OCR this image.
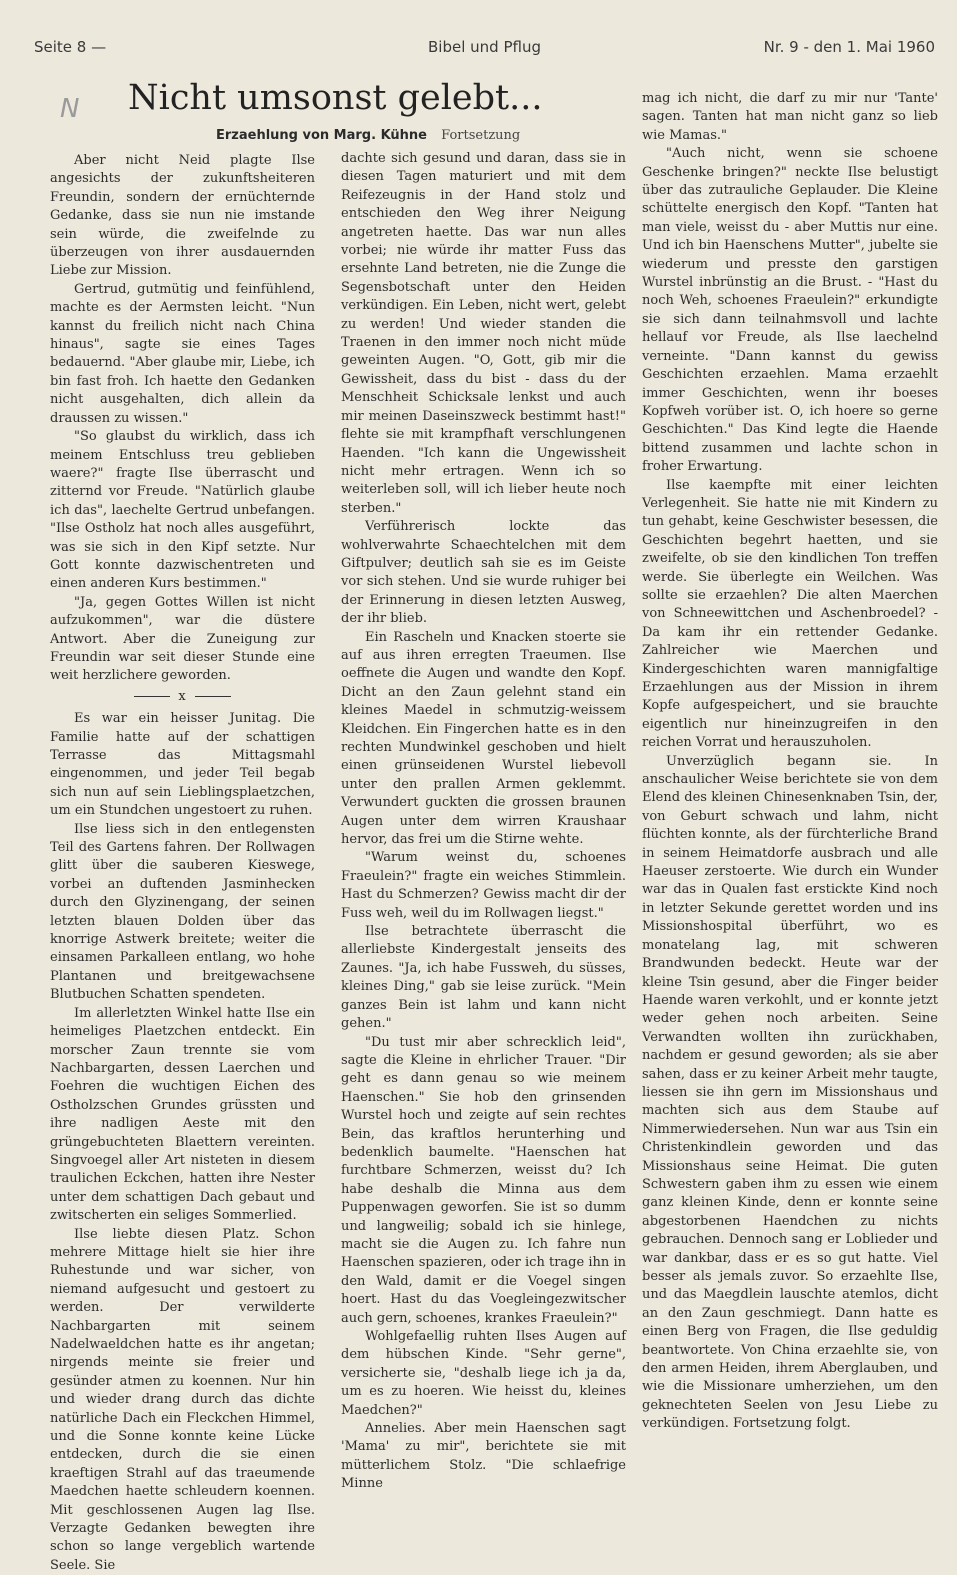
Seite 8 —	Bibel und Pflug	Nr. 9 - den 1. Mai 1960
N Nicht umsonst gelebt...
Erzaehlung von Marg. Kühne Fortsetzung

Aber nicht Neid plagte Ilse angesichts der zukunftsheiteren Freundin, sondern der ernüchternde Gedanke, dass sie nun nie imstande sein würde, die zweifelnde zu überzeugen von ihrer ausdauernden Liebe zur Mission.

Gertrud, gutmütig und feinfühlend, machte es der Aermsten leicht. "Nun kannst du freilich nicht nach China hinaus", sagte sie eines Tages bedauernd. "Aber glaube mir, Liebe, ich bin fast froh. Ich haette den Gedanken nicht ausgehalten, dich allein da draussen zu wissen."

"So glaubst du wirklich, dass ich meinem Entschluss treu geblieben waere?" fragte Ilse überrascht und zitternd vor Freude. "Natürlich glaube ich das", laechelte Gertrud unbefangen. "Ilse Ostholz hat noch alles ausgeführt, was sie sich in den Kipf setzte. Nur Gott konnte dazwischentreten und einen anderen Kurs bestimmen."

"Ja, gegen Gottes Willen ist nicht aufzukommen", war die düstere Antwort. Aber die Zuneigung zur Freundin war seit dieser Stunde eine weit herzlichere geworden.

x

Es war ein heisser Junitag. Die Familie hatte auf der schattigen Terrasse das Mittagsmahl eingenommen, und jeder Teil begab sich nun auf sein Lieblingsplaetzchen, um ein Stundchen ungestoert zu ruhen.

Ilse liess sich in den entlegensten Teil des Gartens fahren. Der Rollwagen glitt über die sauberen Kieswege, vorbei an duftenden Jasminhecken durch den Glyzinengang, der seinen letzten blauen Dolden über das knorrige Astwerk breitete; weiter die einsamen Parkalleen entlang, wo hohe Plantanen und breitgewachsene Blutbuchen Schatten spendeten.

Im allerletzten Winkel hatte Ilse ein heimeliges Plaetzchen entdeckt. Ein morscher Zaun trennte sie vom Nachbargarten, dessen Laerchen und Foehren die wuchtigen Eichen des Ostholzschen Grundes grüssten und ihre nadligen Aeste mit den grüngebuchteten Blaettern vereinten. Singvoegel aller Art nisteten in diesem traulichen Eckchen, hatten ihre Nester unter dem schattigen Dach gebaut und zwitscherten ein seliges Sommerlied.

Ilse liebte diesen Platz. Schon mehrere Mittage hielt sie hier ihre Ruhestunde und war sicher, von niemand aufgesucht und gestoert zu werden. Der verwilderte Nachbargarten mit seinem Nadelwaeldchen hatte es ihr angetan; nirgends meinte sie freier und gesünder atmen zu koennen. Nur hin und wieder drang durch das dichte natürliche Dach ein Fleckchen Himmel, und die Sonne konnte keine Lücke entdecken, durch die sie einen kraeftigen Strahl auf das traeumende Maedchen haette schleudern koennen. Mit geschlossenen Augen lag Ilse. Verzagte Gedanken bewegten ihre schon so lange vergeblich wartende Seele. Sie

dachte sich gesund und daran, dass sie in diesen Tagen maturiert und mit dem Reifezeugnis in der Hand stolz und entschieden den Weg ihrer Neigung angetreten haette. Das war nun alles vorbei; nie würde ihr matter Fuss das ersehnte Land betreten, nie die Zunge die Segensbotschaft unter den Heiden verkündigen. Ein Leben, nicht wert, gelebt zu werden! Und wieder standen die Traenen in den immer noch nicht müde geweinten Augen. "O, Gott, gib mir die Gewissheit, dass du bist - dass du der Menschheit Schicksale lenkst und auch mir meinen Daseinszweck bestimmt hast!" flehte sie mit krampfhaft verschlungenen Haenden. "Ich kann die Ungewissheit nicht mehr ertragen. Wenn ich so weiterleben soll, will ich lieber heute noch sterben."

Verführerisch lockte das wohlverwahrte Schaechtelchen mit dem Giftpulver; deutlich sah sie es im Geiste vor sich stehen. Und sie wurde ruhiger bei der Erinnerung in diesen letzten Ausweg, der ihr blieb.

Ein Rascheln und Knacken stoerte sie auf aus ihren erregten Traeumen. Ilse oeffnete die Augen und wandte den Kopf. Dicht an den Zaun gelehnt stand ein kleines Maedel in schmutzig-weissem Kleidchen. Ein Fingerchen hatte es in den rechten Mundwinkel geschoben und hielt einen grünseidenen Wurstel liebevoll unter den prallen Armen geklemmt. Verwundert guckten die grossen braunen Augen unter dem wirren Kraushaar hervor, das frei um die Stirne wehte.

"Warum weinst du, schoenes Fraeulein?" fragte ein weiches Stimmlein. Hast du Schmerzen? Gewiss macht dir der Fuss weh, weil du im Rollwagen liegst."

Ilse betrachtete überrascht die allerliebste Kindergestalt jenseits des Zaunes. "Ja, ich habe Fussweh, du süsses, kleines Ding," gab sie leise zurück. "Mein ganzes Bein ist lahm und kann nicht gehen."

"Du tust mir aber schrecklich leid", sagte die Kleine in ehrlicher Trauer. "Dir geht es dann genau so wie meinem Haenschen." Sie hob den grinsenden Wurstel hoch und zeigte auf sein rechtes Bein, das kraftlos herunterhing und bedenklich baumelte. "Haenschen hat furchtbare Schmerzen, weisst du? Ich habe deshalb die Minna aus dem Puppenwagen geworfen. Sie ist so dumm und langweilig; sobald ich sie hinlege, macht sie die Augen zu. Ich fahre nun Haenschen spazieren, oder ich trage ihn in den Wald, damit er die Voegel singen hoert. Hast du das Voegleingezwitscher auch gern, schoenes, krankes Fraeulein?"

Wohlgefaellig ruhten Ilses Augen auf dem hübschen Kinde. "Sehr gerne", versicherte sie, "deshalb liege ich ja da, um es zu hoeren. Wie heisst du, kleines Maedchen?"

Annelies. Aber mein Haenschen sagt 'Mama' zu mir", berichtete sie mit mütterlichem Stolz. "Die schlaefrige Minne

mag ich nicht, die darf zu mir nur 'Tante' sagen. Tanten hat man nicht ganz so lieb wie Mamas."

"Auch nicht, wenn sie schoene Geschenke bringen?" neckte Ilse belustigt über das zutrauliche Geplauder. Die Kleine schüttelte energisch den Kopf. "Tanten hat man viele, weisst du - aber Muttis nur eine. Und ich bin Haenschens Mutter", jubelte sie wiederum und presste den garstigen Wurstel inbrünstig an die Brust. - "Hast du noch Weh, schoenes Fraeulein?" erkundigte sie sich dann teilnahmsvoll und lachte hellauf vor Freude, als Ilse laechelnd verneinte. "Dann kannst du gewiss Geschichten erzaehlen. Mama erzaehlt immer Geschichten, wenn ihr boeses Kopfweh vorüber ist. O, ich hoere so gerne Geschichten." Das Kind legte die Haende bittend zusammen und lachte schon in froher Erwartung.

Ilse kaempfte mit einer leichten Verlegenheit. Sie hatte nie mit Kindern zu tun gehabt, keine Geschwister besessen, die Geschichten begehrt haetten, und sie zweifelte, ob sie den kindlichen Ton treffen werde. Sie überlegte ein Weilchen. Was sollte sie erzaehlen? Die alten Maerchen von Schneewittchen und Aschenbroedel? - Da kam ihr ein rettender Gedanke. Zahlreicher wie Maerchen und Kindergeschichten waren mannigfaltige Erzaehlungen aus der Mission in ihrem Kopfe aufgespeichert, und sie brauchte eigentlich nur hineinzugreifen in den reichen Vorrat und herauszuholen.

Unverzüglich begann sie. In anschaulicher Weise berichtete sie von dem Elend des kleinen Chinesenknaben Tsin, der, von Geburt schwach und lahm, nicht flüchten konnte, als der fürchterliche Brand in seinem Heimatdorfe ausbrach und alle Haeuser zerstoerte. Wie durch ein Wunder war das in Qualen fast erstickte Kind noch in letzter Sekunde gerettet worden und ins Missionshospital überführt, wo es monatelang lag, mit schweren Brandwunden bedeckt. Heute war der kleine Tsin gesund, aber die Finger beider Haende waren verkohlt, und er konnte jetzt weder gehen noch arbeiten. Seine Verwandten wollten ihn zurückhaben, nachdem er gesund geworden; als sie aber sahen, dass er zu keiner Arbeit mehr taugte, liessen sie ihn gern im Missionshaus und machten sich aus dem Staube auf Nimmerwiedersehen. Nun war aus Tsin ein Christenkindlein geworden und das Missionshaus seine Heimat. Die guten Schwestern gaben ihm zu essen wie einem ganz kleinen Kinde, denn er konnte seine abgestorbenen Haendchen zu nichts gebrauchen. Dennoch sang er Loblieder und war dankbar, dass er es so gut hatte. Viel besser als jemals zuvor. So erzaehlte Ilse, und das Maegdlein lauschte atemlos, dicht an den Zaun geschmiegt. Dann hatte es einen Berg von Fragen, die Ilse geduldig beantwortete. Von China erzaehlte sie, von den armen Heiden, ihrem Aberglauben, und wie die Missionare umherziehen, um den geknechteten Seelen von Jesu Liebe zu verkündigen. Fortsetzung folgt.
